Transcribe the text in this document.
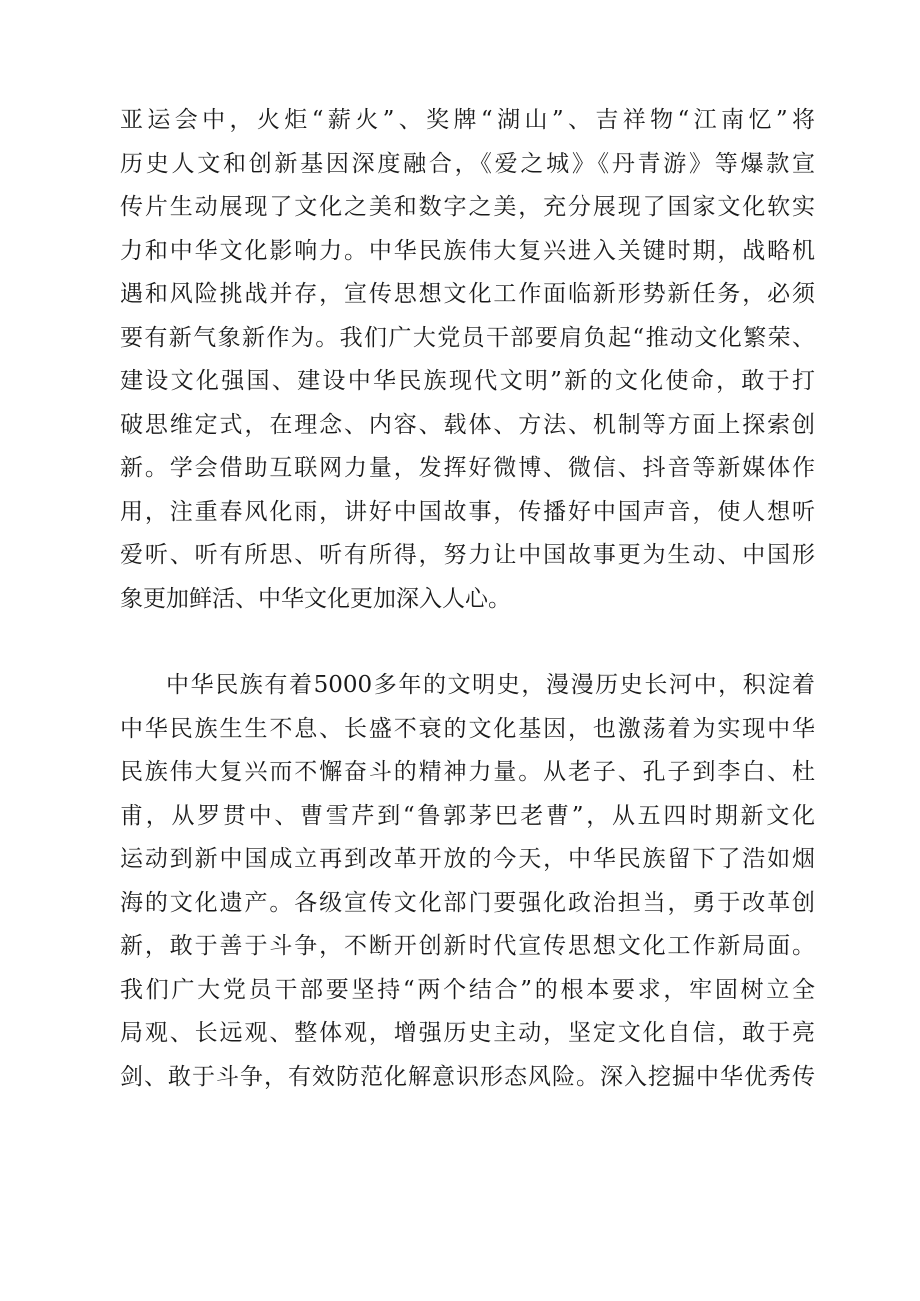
亚运会中，火炬“薪火”、奖牌“湖山”、吉祥物“江南忆”将
历史人文和创新基因深度融合，《爱之城》《丹青游》等爆款宣
传片生动展现了文化之美和数字之美，充分展现了国家文化软实
力和中华文化影响力。中华民族伟大复兴进入关键时期，战略机
遇和风险挑战并存，宣传思想文化工作面临新形势新任务，必须
要有新气象新作为。我们广大党员干部要肩负起“推动文化繁荣、
建设文化强国、建设中华民族现代文明”新的文化使命，敢于打
破思维定式，在理念、内容、载体、方法、机制等方面上探索创
新。学会借助互联网力量，发挥好微博、微信、抖音等新媒体作
用，注重春风化雨，讲好中国故事，传播好中国声音，使人想听
爱听、听有所思、听有所得，努力让中国故事更为生动、中国形
象更加鲜活、中华文化更加深入人心。
中华民族有着5000多年的文明史，漫漫历史长河中，积淀着
中华民族生生不息、长盛不衰的文化基因，也激荡着为实现中华
民族伟大复兴而不懈奋斗的精神力量。从老子、孔子到李白、杜
甫，从罗贯中、曹雪芹到“鲁郭茅巴老曹”，从五四时期新文化
运动到新中国成立再到改革开放的今天，中华民族留下了浩如烟
海的文化遗产。各级宣传文化部门要强化政治担当，勇于改革创
新，敢于善于斗争，不断开创新时代宣传思想文化工作新局面。
我们广大党员干部要坚持“两个结合”的根本要求，牢固树立全
局观、长远观、整体观，增强历史主动，坚定文化自信，敢于亮
剑、敢于斗争，有效防范化解意识形态风险。深入挖掘中华优秀传
